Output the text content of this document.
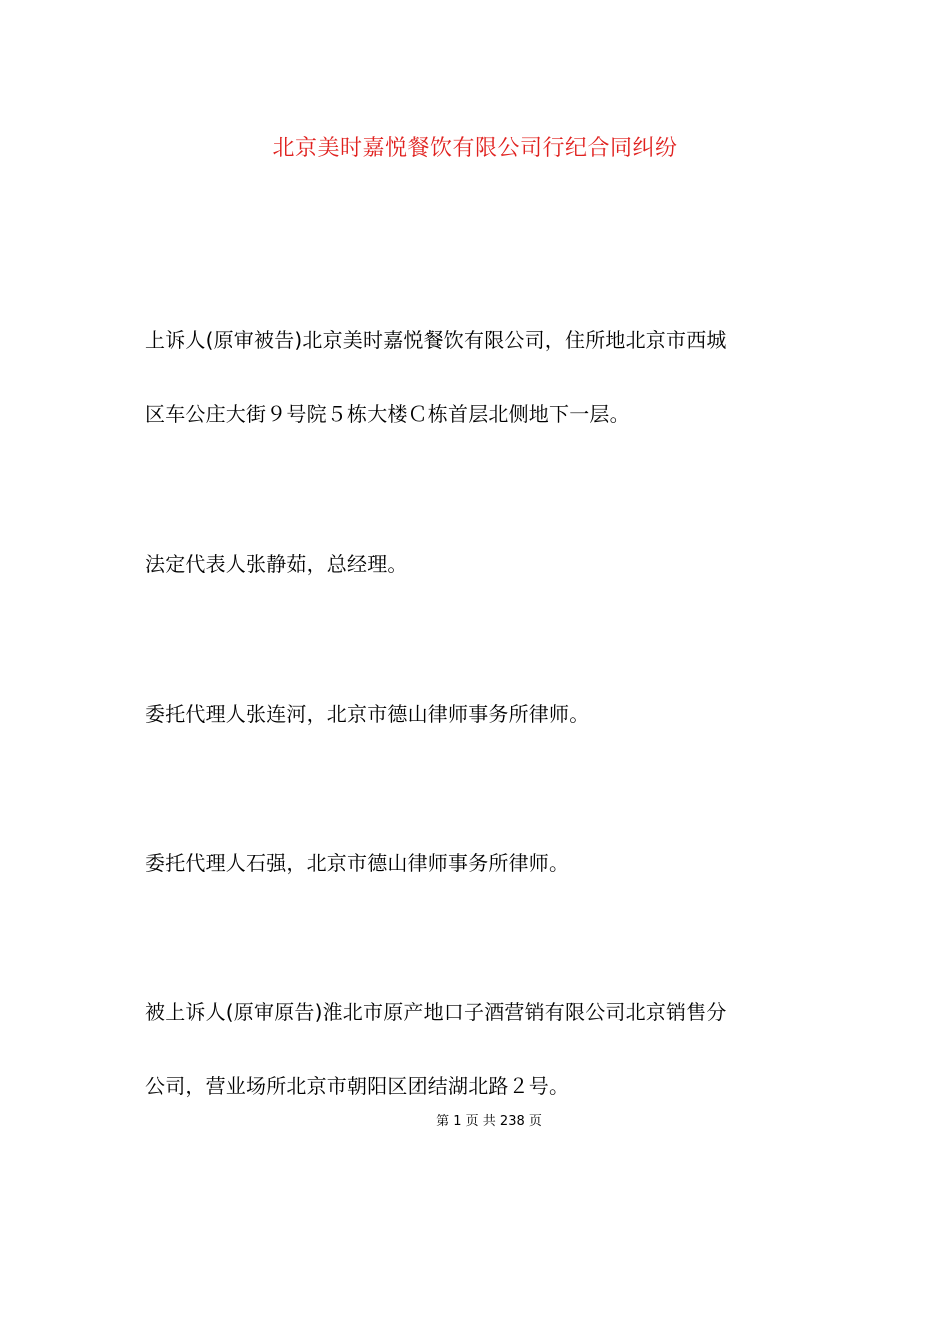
北京美时嘉悦餐饮有限公司行纪合同纠纷
上诉人(原审被告)北京美时嘉悦餐饮有限公司，住所地北京市西城
区车公庄大街９号院５栋大楼Ｃ栋首层北侧地下一层。
法定代表人张静茹，总经理。
委托代理人张连河，北京市德山律师事务所律师。
委托代理人石强，北京市德山律师事务所律师。
被上诉人(原审原告)淮北市原产地口子酒营销有限公司北京销售分
公司，营业场所北京市朝阳区团结湖北路２号。
第 1 页 共 238 页
